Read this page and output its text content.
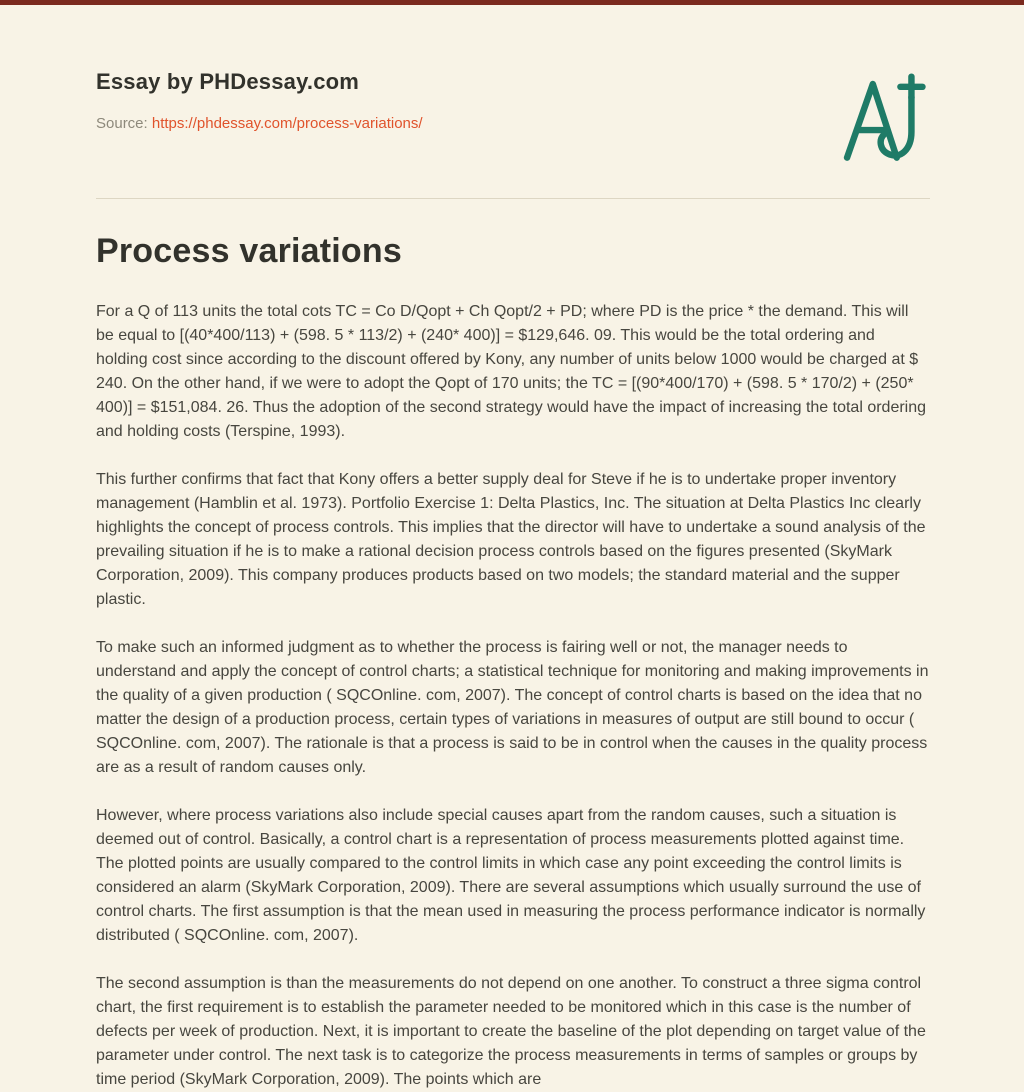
Essay by PHDessay.com
Source: https://phdessay.com/process-variations/
Process variations

For a Q of 113 units the total cots TC = Co D/Qopt + Ch Qopt/2 + PD; where PD is the price * the demand. This will be equal to [(40*400/113) + (598. 5 * 113/2) + (240* 400)] = $129,646. 09. This would be the total ordering and holding cost since according to the discount offered by Kony, any number of units below 1000 would be charged at $ 240. On the other hand, if we were to adopt the Qopt of 170 units; the TC = [(90*400/170) + (598. 5 * 170/2) + (250* 400)] = $151,084. 26. Thus the adoption of the second strategy would have the impact of increasing the total ordering and holding costs (Terspine, 1993).

This further confirms that fact that Kony offers a better supply deal for Steve if he is to undertake proper inventory management (Hamblin et al. 1973). Portfolio Exercise 1: Delta Plastics, Inc. The situation at Delta Plastics Inc clearly highlights the concept of process controls. This implies that the director will have to undertake a sound analysis of the prevailing situation if he is to make a rational decision process controls based on the figures presented (SkyMark Corporation, 2009). This company produces products based on two models; the standard material and the supper plastic.

To make such an informed judgment as to whether the process is fairing well or not, the manager needs to understand and apply the concept of control charts; a statistical technique for monitoring and making improvements in the quality of a given production ( SQCOnline. com, 2007). The concept of control charts is based on the idea that no matter the design of a production process, certain types of variations in measures of output are still bound to occur ( SQCOnline. com, 2007). The rationale is that a process is said to be in control when the causes in the quality process are as a result of random causes only.

However, where process variations also include special causes apart from the random causes, such a situation is deemed out of control. Basically, a control chart is a representation of process measurements plotted against time. The plotted points are usually compared to the control limits in which case any point exceeding the control limits is considered an alarm (SkyMark Corporation, 2009). There are several assumptions which usually surround the use of control charts. The first assumption is that the mean used in measuring the process performance indicator is normally distributed ( SQCOnline. com, 2007).

The second assumption is than the measurements do not depend on one another. To construct a three sigma control chart, the first requirement is to establish the parameter needed to be monitored which in this case is the number of defects per week of production. Next, it is important to create the baseline of the plot depending on target value of the parameter under control. The next task is to categorize the process measurements in terms of samples or groups by time period (SkyMark Corporation, 2009). The points which are
